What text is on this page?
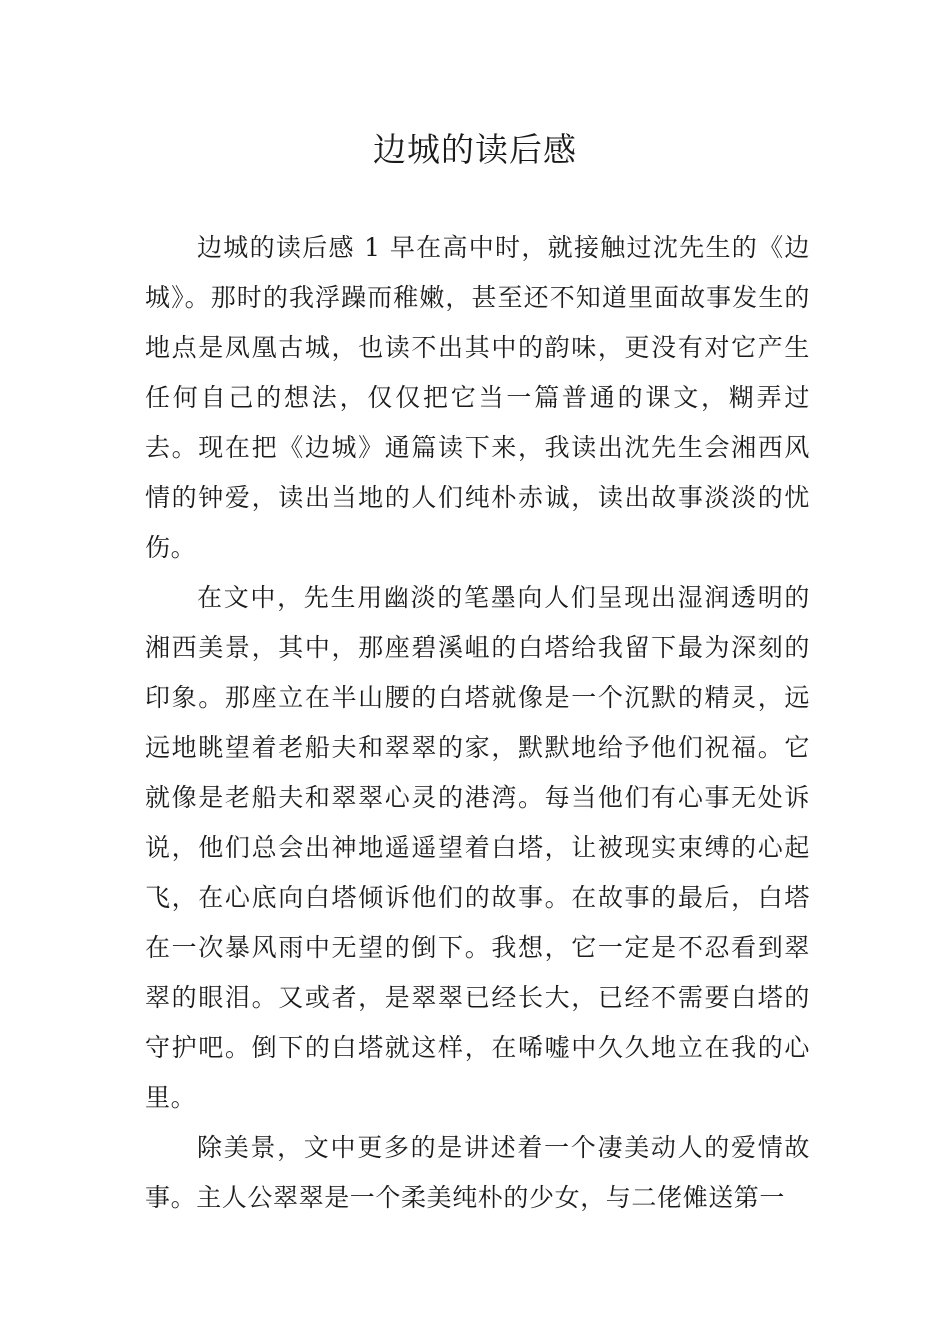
边城的读后感

边城的读后感 1 早在高中时，就接触过沈先生的《边城》。那时的我浮躁而稚嫩，甚至还不知道里面故事发生的地点是凤凰古城，也读不出其中的韵味，更没有对它产生任何自己的想法，仅仅把它当一篇普通的课文，糊弄过去。现在把《边城》通篇读下来，我读出沈先生会湘西风情的钟爱，读出当地的人们纯朴赤诚，读出故事淡淡的忧伤。

在文中，先生用幽淡的笔墨向人们呈现出湿润透明的湘西美景，其中，那座碧溪岨的白塔给我留下最为深刻的印象。那座立在半山腰的白塔就像是一个沉默的精灵，远远地眺望着老船夫和翠翠的家，默默地给予他们祝福。它就像是老船夫和翠翠心灵的港湾。每当他们有心事无处诉说，他们总会出神地遥遥望着白塔，让被现实束缚的心起飞，在心底向白塔倾诉他们的故事。在故事的最后，白塔在一次暴风雨中无望的倒下。我想，它一定是不忍看到翠翠的眼泪。又或者，是翠翠已经长大，已经不需要白塔的守护吧。倒下的白塔就这样，在唏嘘中久久地立在我的心里。

除美景，文中更多的是讲述着一个凄美动人的爱情故事。主人公翠翠是一个柔美纯朴的少女，与二佬傩送第一
